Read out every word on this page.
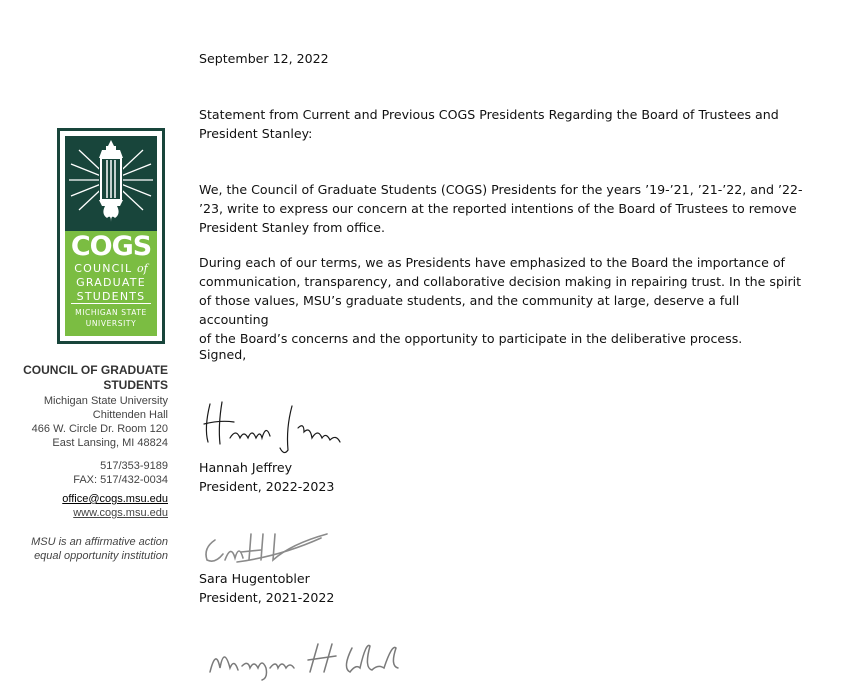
COGS
COUNCIL of
GRADUATE
STUDENTS
MICHIGAN STATE
UNIVERSITY
COUNCIL OF GRADUATE
STUDENTS
Michigan State University
Chittenden Hall
466 W. Circle Dr. Room 120
East Lansing, MI 48824
517/353-9189
FAX: 517/432-0034
office@cogs.msu.edu
www.cogs.msu.edu
MSU is an affirmative action
equal opportunity institution
September 12, 2022
Statement from Current and Previous COGS Presidents Regarding the Board of Trustees and
President Stanley:
We, the Council of Graduate Students (COGS) Presidents for the years ’19-’21, ’21-’22, and ’22-
’23, write to express our concern at the reported intentions of the Board of Trustees to remove
President Stanley from office.
During each of our terms, we as Presidents have emphasized to the Board the importance of
communication, transparency, and collaborative decision making in repairing trust. In the spirit
of those values, MSU’s graduate students, and the community at large, deserve a full accounting
of the Board’s concerns and the opportunity to participate in the deliberative process.
Signed,
Hannah Jeffrey
President, 2022-2023
Sara Hugentobler
President, 2021-2022
